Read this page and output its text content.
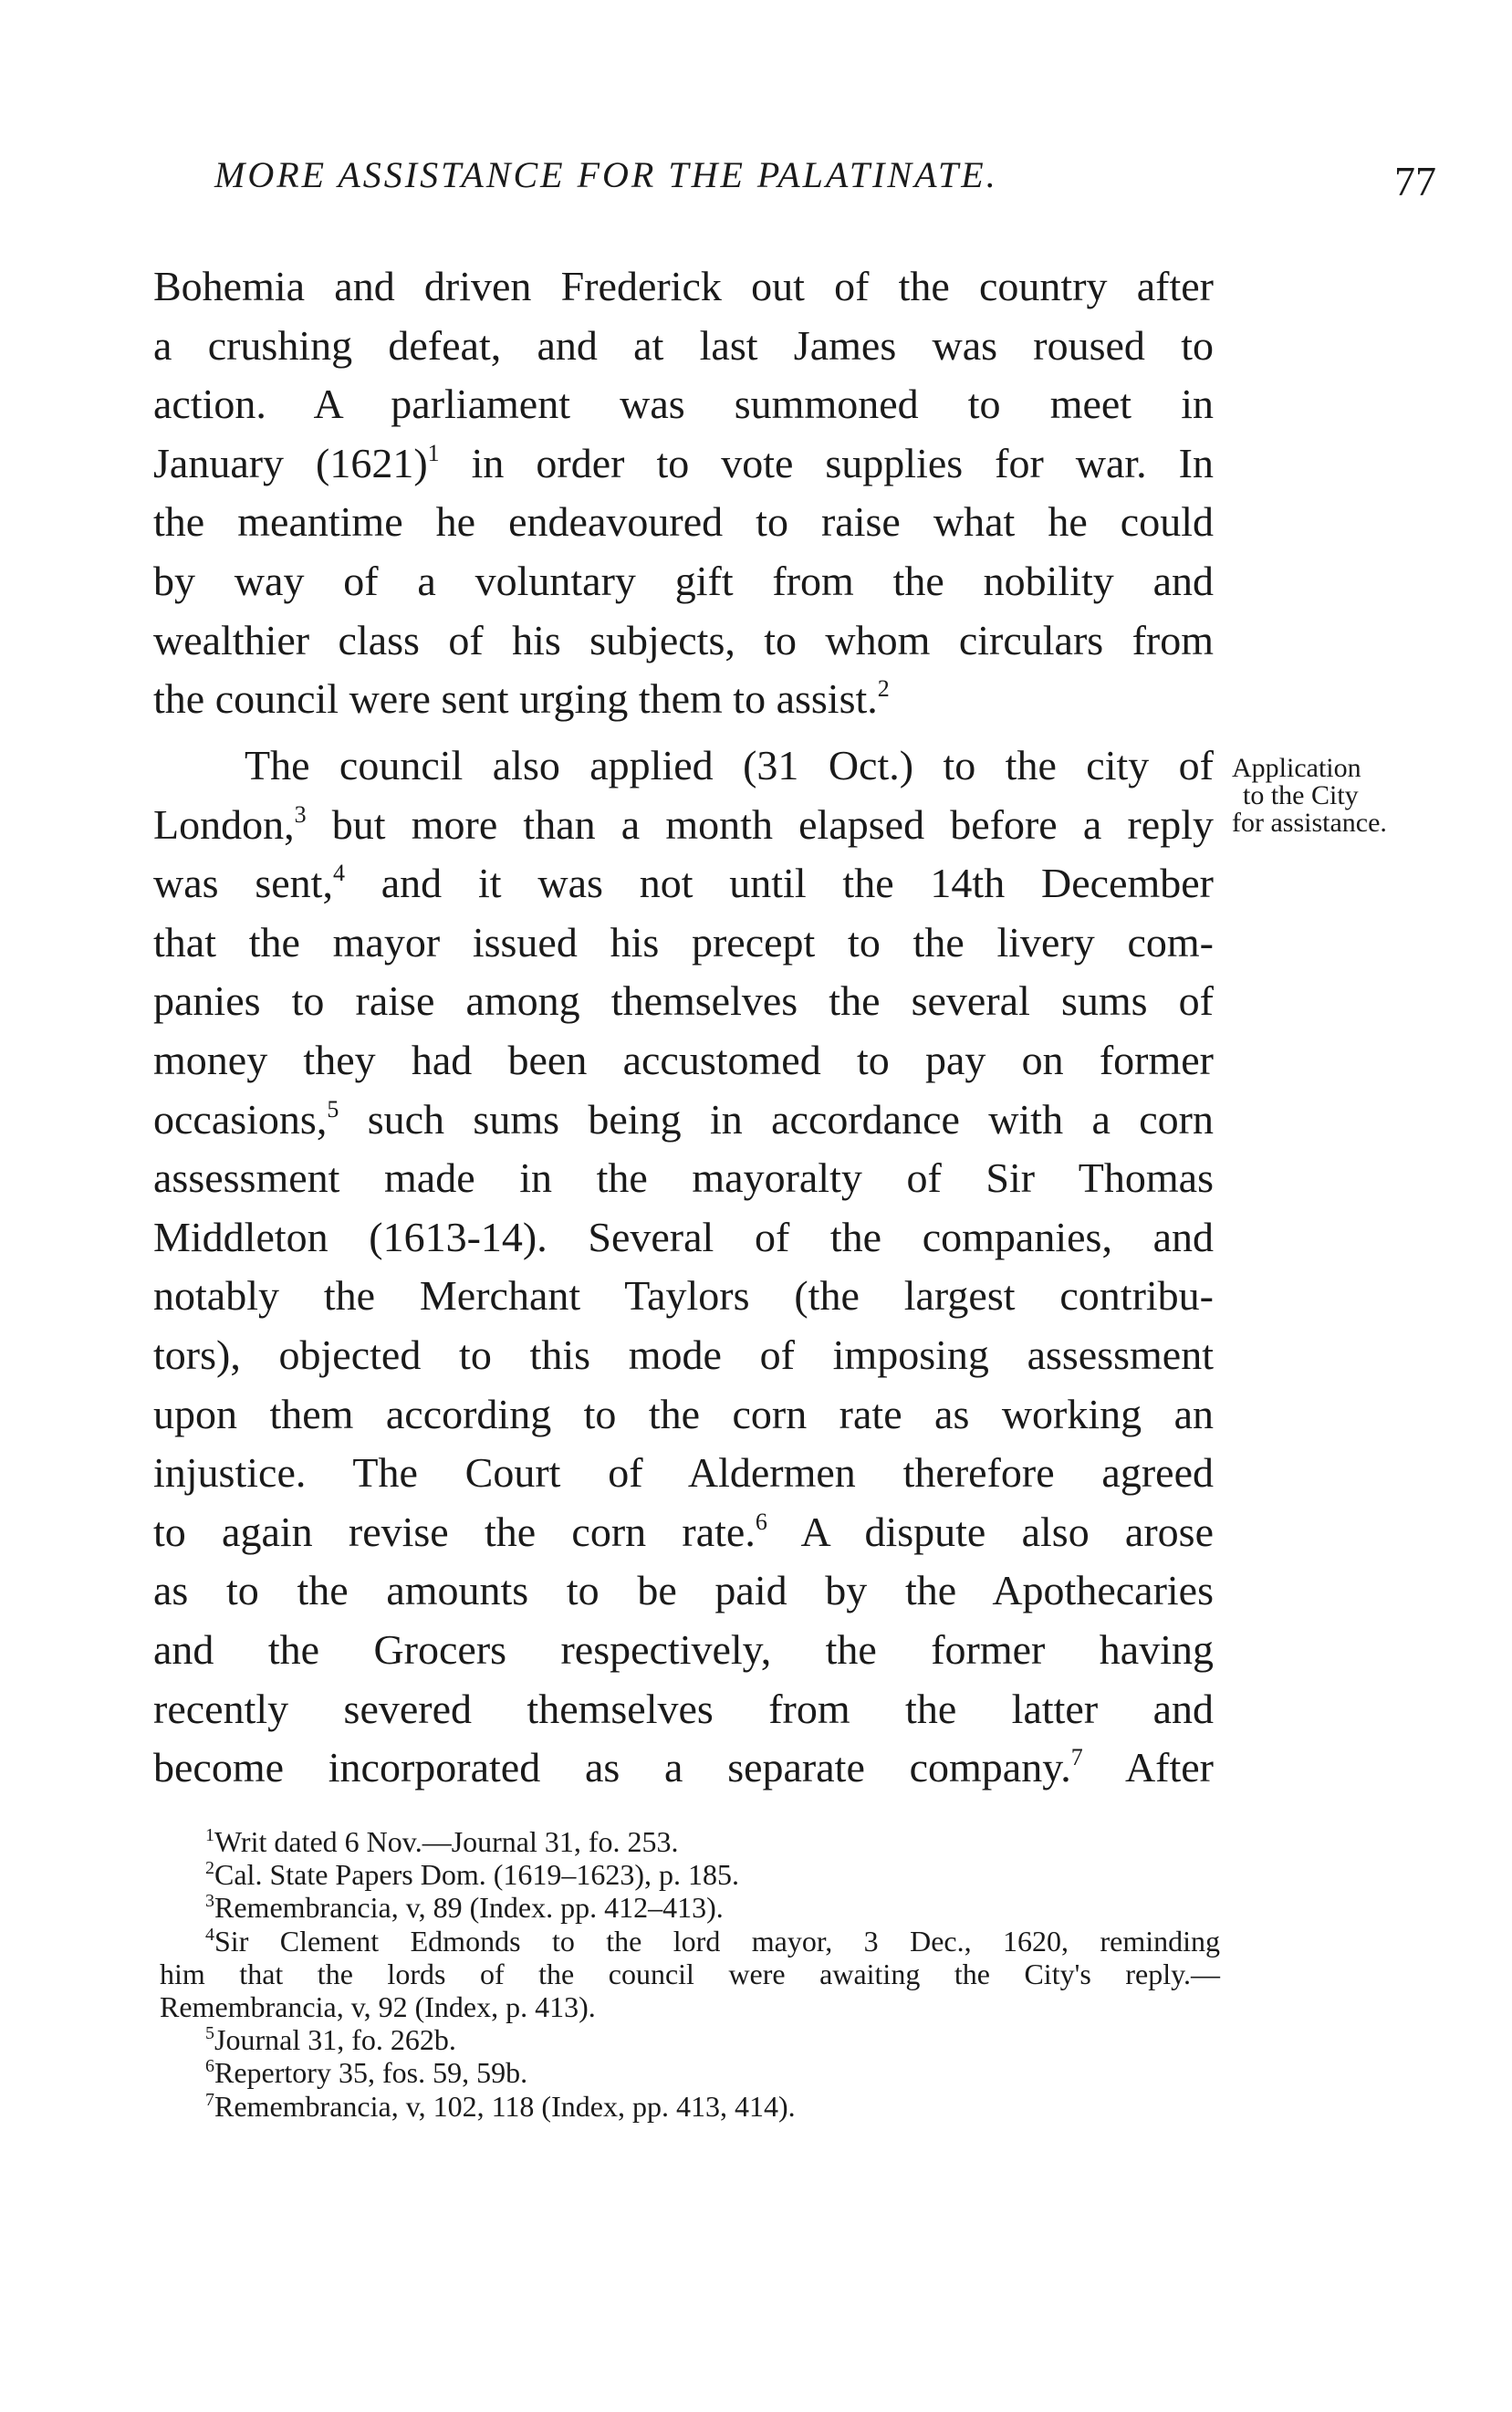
MORE ASSISTANCE FOR THE PALATINATE.	77
Bohemia and driven Frederick out of the country after
a crushing defeat, and at last James was roused to
action. A parliament was summoned to meet in
January $(1621)^1$ in order to vote supplies for war. In
the meantime he endeavoured to raise what he could
by way of a voluntary gift from the nobility and
wealthier class of his subjects, to whom circulars from
the council were sent urging them to assist.$^2$
The council also applied (31 Oct.) to the city of
London,$^3$ but more than a month elapsed before a reply
was sent,$^4$ and it was not until the 14th December
that the mayor issued his precept to the livery com-
panies to raise among themselves the several sums of
money they had been accustomed to pay on former
occasions,$^5$ such sums being in accordance with a corn
assessment made in the mayoralty of Sir Thomas
Middleton (1613-14). Several of the companies, and
notably the Merchant Taylors (the largest contribu-
tors), objected to this mode of imposing assessment
upon them according to the corn rate as working an
injustice. The Court of Aldermen therefore agreed
to again revise the corn rate.$^6$ A dispute also arose
as to the amounts to be paid by the Apothecaries
and the Grocers respectively, the former having
recently severed themselves from the latter and
become incorporated as a separate company.$^7$ After
Application
to the City
for assistance.
$^1$Writ dated 6 Nov.—Journal 31, fo. 253.
$^2$Cal. State Papers Dom. (1619–1623), p. 185.
$^3$Remembrancia, v, 89 (Index. pp. 412–413).
$^4$Sir Clement Edmonds to the lord mayor, 3 Dec., 1620, reminding
him that the lords of the council were awaiting the City's reply.—
Remembrancia, v, 92 (Index, p. 413).
$^5$Journal 31, fo. 262b.
$^6$Repertory 35, fos. 59, 59b.
$^7$Remembrancia, v, 102, 118 (Index, pp. 413, 414).
